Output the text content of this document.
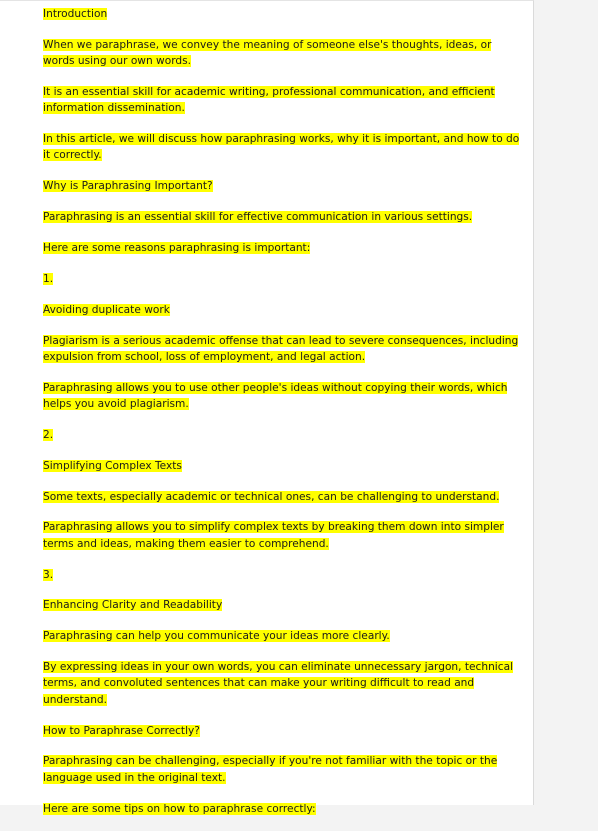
Introduction

When we paraphrase, we convey the meaning of someone else's thoughts, ideas, or words using our own words.

It is an essential skill for academic writing, professional communication, and efficient information dissemination.

In this article, we will discuss how paraphrasing works, why it is important, and how to do it correctly.

Why is Paraphrasing Important?

Paraphrasing is an essential skill for effective communication in various settings.

Here are some reasons paraphrasing is important:

1.

Avoiding duplicate work

Plagiarism is a serious academic offense that can lead to severe consequences, including expulsion from school, loss of employment, and legal action.

Paraphrasing allows you to use other people's ideas without copying their words, which helps you avoid plagiarism.

2.

Simplifying Complex Texts

Some texts, especially academic or technical ones, can be challenging to understand.

Paraphrasing allows you to simplify complex texts by breaking them down into simpler terms and ideas, making them easier to comprehend.

3.

Enhancing Clarity and Readability

Paraphrasing can help you communicate your ideas more clearly.

By expressing ideas in your own words, you can eliminate unnecessary jargon, technical terms, and convoluted sentences that can make your writing difficult to read and understand.

How to Paraphrase Correctly?

Paraphrasing can be challenging, especially if you're not familiar with the topic or the language used in the original text.

Here are some tips on how to paraphrase correctly:
